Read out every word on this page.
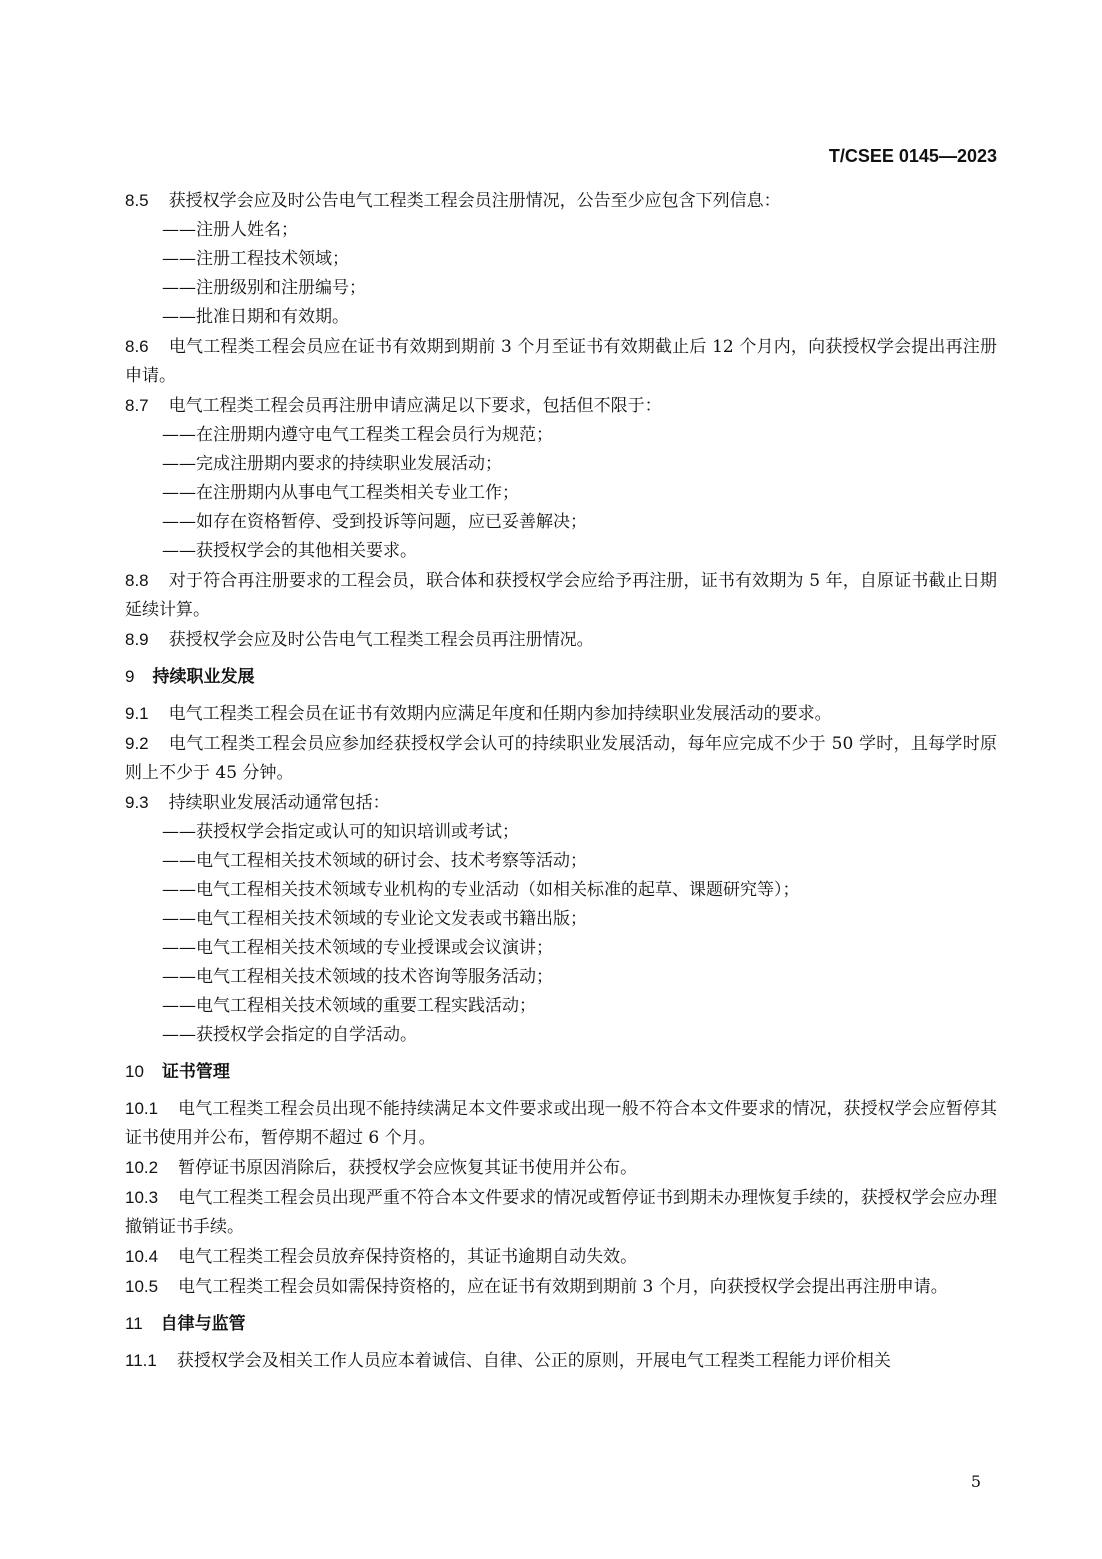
T/CSEE 0145—2023

8.5 获授权学会应及时公告电气工程类工程会员注册情况，公告至少应包含下列信息：

——注册人姓名；

——注册工程技术领域；

——注册级别和注册编号；

——批准日期和有效期。

8.6 电气工程类工程会员应在证书有效期到期前 3 个月至证书有效期截止后 12 个月内，向获授权学会提出再注册申请。

8.7 电气工程类工程会员再注册申请应满足以下要求，包括但不限于：

——在注册期内遵守电气工程类工程会员行为规范；

——完成注册期内要求的持续职业发展活动；

——在注册期内从事电气工程类相关专业工作；

——如存在资格暂停、受到投诉等问题，应已妥善解决；

——获授权学会的其他相关要求。

8.8 对于符合再注册要求的工程会员，联合体和获授权学会应给予再注册，证书有效期为 5 年，自原证书截止日期延续计算。

8.9 获授权学会应及时公告电气工程类工程会员再注册情况。

9 持续职业发展

9.1 电气工程类工程会员在证书有效期内应满足年度和任期内参加持续职业发展活动的要求。

9.2 电气工程类工程会员应参加经获授权学会认可的持续职业发展活动，每年应完成不少于 50 学时，且每学时原则上不少于 45 分钟。

9.3 持续职业发展活动通常包括：

——获授权学会指定或认可的知识培训或考试；

——电气工程相关技术领域的研讨会、技术考察等活动；

——电气工程相关技术领域专业机构的专业活动（如相关标准的起草、课题研究等）；

——电气工程相关技术领域的专业论文发表或书籍出版；

——电气工程相关技术领域的专业授课或会议演讲；

——电气工程相关技术领域的技术咨询等服务活动；

——电气工程相关技术领域的重要工程实践活动；

——获授权学会指定的自学活动。

10 证书管理

10.1 电气工程类工程会员出现不能持续满足本文件要求或出现一般不符合本文件要求的情况，获授权学会应暂停其证书使用并公布，暂停期不超过 6 个月。

10.2 暂停证书原因消除后，获授权学会应恢复其证书使用并公布。

10.3 电气工程类工程会员出现严重不符合本文件要求的情况或暂停证书到期未办理恢复手续的，获授权学会应办理撤销证书手续。

10.4 电气工程类工程会员放弃保持资格的，其证书逾期自动失效。

10.5 电气工程类工程会员如需保持资格的，应在证书有效期到期前 3 个月，向获授权学会提出再注册申请。

11 自律与监管

11.1 获授权学会及相关工作人员应本着诚信、自律、公正的原则，开展电气工程类工程能力评价相关

5
